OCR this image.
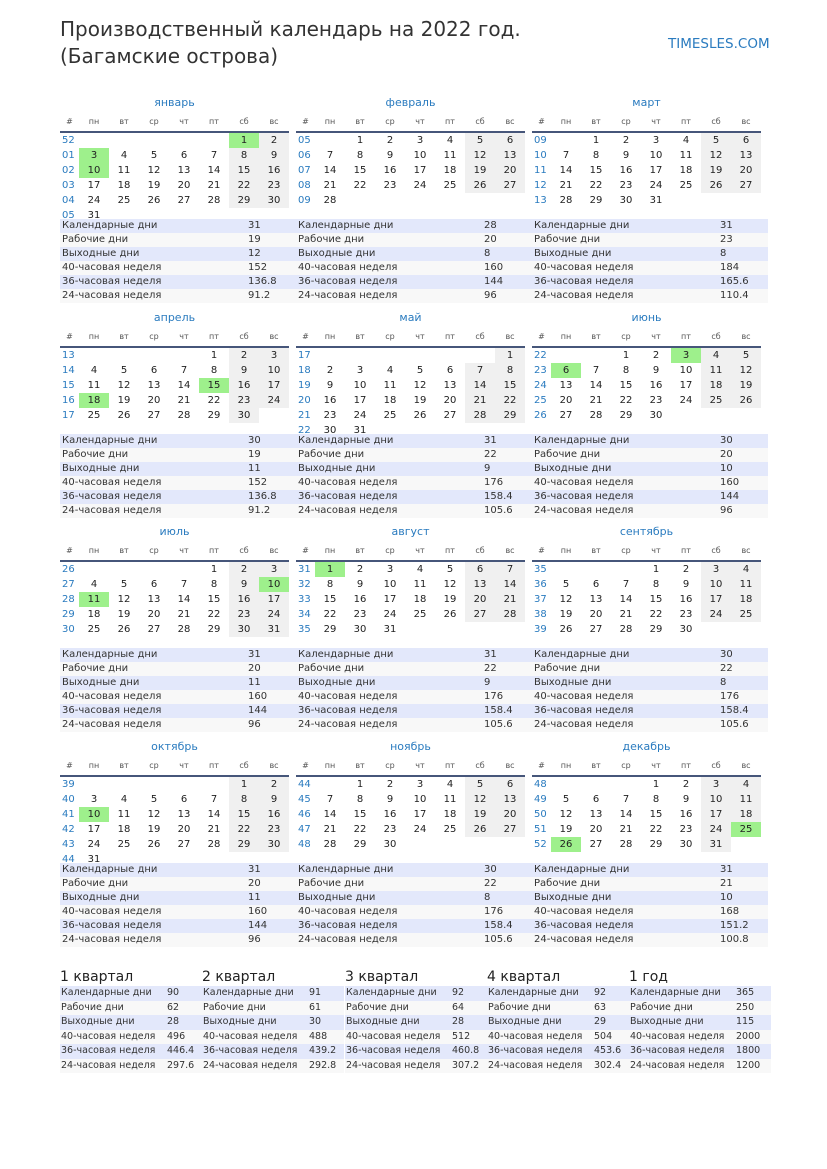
Производственный календарь на 2022 год. (Багамские острова)	TIMESLES.COM
январь
#	пн	вт	ср	чт	пт	сб	вс
52						1	2
01	3	4	5	6	7	8	9
02	10	11	12	13	14	15	16
03	17	18	19	20	21	22	23
04	24	25	26	27	28	29	30
05	31						
Календарные дни	31
Рабочие дни	19
Выходные дни	12
40-часовая неделя	152
36-часовая неделя	136.8
24-часовая неделя	91.2
февраль
#	пн	вт	ср	чт	пт	сб	вс
05		1	2	3	4	5	6
06	7	8	9	10	11	12	13
07	14	15	16	17	18	19	20
08	21	22	23	24	25	26	27
09	28						
Календарные дни	28
Рабочие дни	20
Выходные дни	8
40-часовая неделя	160
36-часовая неделя	144
24-часовая неделя	96
март
#	пн	вт	ср	чт	пт	сб	вс
09		1	2	3	4	5	6
10	7	8	9	10	11	12	13
11	14	15	16	17	18	19	20
12	21	22	23	24	25	26	27
13	28	29	30	31			
Календарные дни	31
Рабочие дни	23
Выходные дни	8
40-часовая неделя	184
36-часовая неделя	165.6
24-часовая неделя	110.4
апрель
#	пн	вт	ср	чт	пт	сб	вс
13					1	2	3
14	4	5	6	7	8	9	10
15	11	12	13	14	15	16	17
16	18	19	20	21	22	23	24
17	25	26	27	28	29	30	
Календарные дни	30
Рабочие дни	19
Выходные дни	11
40-часовая неделя	152
36-часовая неделя	136.8
24-часовая неделя	91.2
май
#	пн	вт	ср	чт	пт	сб	вс
17							1
18	2	3	4	5	6	7	8
19	9	10	11	12	13	14	15
20	16	17	18	19	20	21	22
21	23	24	25	26	27	28	29
22	30	31					
Календарные дни	31
Рабочие дни	22
Выходные дни	9
40-часовая неделя	176
36-часовая неделя	158.4
24-часовая неделя	105.6
июнь
#	пн	вт	ср	чт	пт	сб	вс
22			1	2	3	4	5
23	6	7	8	9	10	11	12
24	13	14	15	16	17	18	19
25	20	21	22	23	24	25	26
26	27	28	29	30			
Календарные дни	30
Рабочие дни	20
Выходные дни	10
40-часовая неделя	160
36-часовая неделя	144
24-часовая неделя	96
июль
#	пн	вт	ср	чт	пт	сб	вс
26					1	2	3
27	4	5	6	7	8	9	10
28	11	12	13	14	15	16	17
29	18	19	20	21	22	23	24
30	25	26	27	28	29	30	31
Календарные дни	31
Рабочие дни	20
Выходные дни	11
40-часовая неделя	160
36-часовая неделя	144
24-часовая неделя	96
август
#	пн	вт	ср	чт	пт	сб	вс
31	1	2	3	4	5	6	7
32	8	9	10	11	12	13	14
33	15	16	17	18	19	20	21
34	22	23	24	25	26	27	28
35	29	30	31				
Календарные дни	31
Рабочие дни	22
Выходные дни	9
40-часовая неделя	176
36-часовая неделя	158.4
24-часовая неделя	105.6
сентябрь
#	пн	вт	ср	чт	пт	сб	вс
35				1	2	3	4
36	5	6	7	8	9	10	11
37	12	13	14	15	16	17	18
38	19	20	21	22	23	24	25
39	26	27	28	29	30		
Календарные дни	30
Рабочие дни	22
Выходные дни	8
40-часовая неделя	176
36-часовая неделя	158.4
24-часовая неделя	105.6
октябрь
#	пн	вт	ср	чт	пт	сб	вс
39						1	2
40	3	4	5	6	7	8	9
41	10	11	12	13	14	15	16
42	17	18	19	20	21	22	23
43	24	25	26	27	28	29	30
44	31						
Календарные дни	31
Рабочие дни	20
Выходные дни	11
40-часовая неделя	160
36-часовая неделя	144
24-часовая неделя	96
ноябрь
#	пн	вт	ср	чт	пт	сб	вс
44		1	2	3	4	5	6
45	7	8	9	10	11	12	13
46	14	15	16	17	18	19	20
47	21	22	23	24	25	26	27
48	28	29	30				
Календарные дни	30
Рабочие дни	22
Выходные дни	8
40-часовая неделя	176
36-часовая неделя	158.4
24-часовая неделя	105.6
декабрь
#	пн	вт	ср	чт	пт	сб	вс
48				1	2	3	4
49	5	6	7	8	9	10	11
50	12	13	14	15	16	17	18
51	19	20	21	22	23	24	25
52	26	27	28	29	30	31	
Календарные дни	31
Рабочие дни	21
Выходные дни	10
40-часовая неделя	168
36-часовая неделя	151.2
24-часовая неделя	100.8
1 квартал
Календарные дни	90
Рабочие дни	62
Выходные дни	28
40-часовая неделя	496
36-часовая неделя	446.4
24-часовая неделя	297.6
2 квартал
Календарные дни	91
Рабочие дни	61
Выходные дни	30
40-часовая неделя	488
36-часовая неделя	439.2
24-часовая неделя	292.8
3 квартал
Календарные дни	92
Рабочие дни	64
Выходные дни	28
40-часовая неделя	512
36-часовая неделя	460.8
24-часовая неделя	307.2
4 квартал
Календарные дни	92
Рабочие дни	63
Выходные дни	29
40-часовая неделя	504
36-часовая неделя	453.6
24-часовая неделя	302.4
1 год
Календарные дни	365
Рабочие дни	250
Выходные дни	115
40-часовая неделя	2000
36-часовая неделя	1800
24-часовая неделя	1200
